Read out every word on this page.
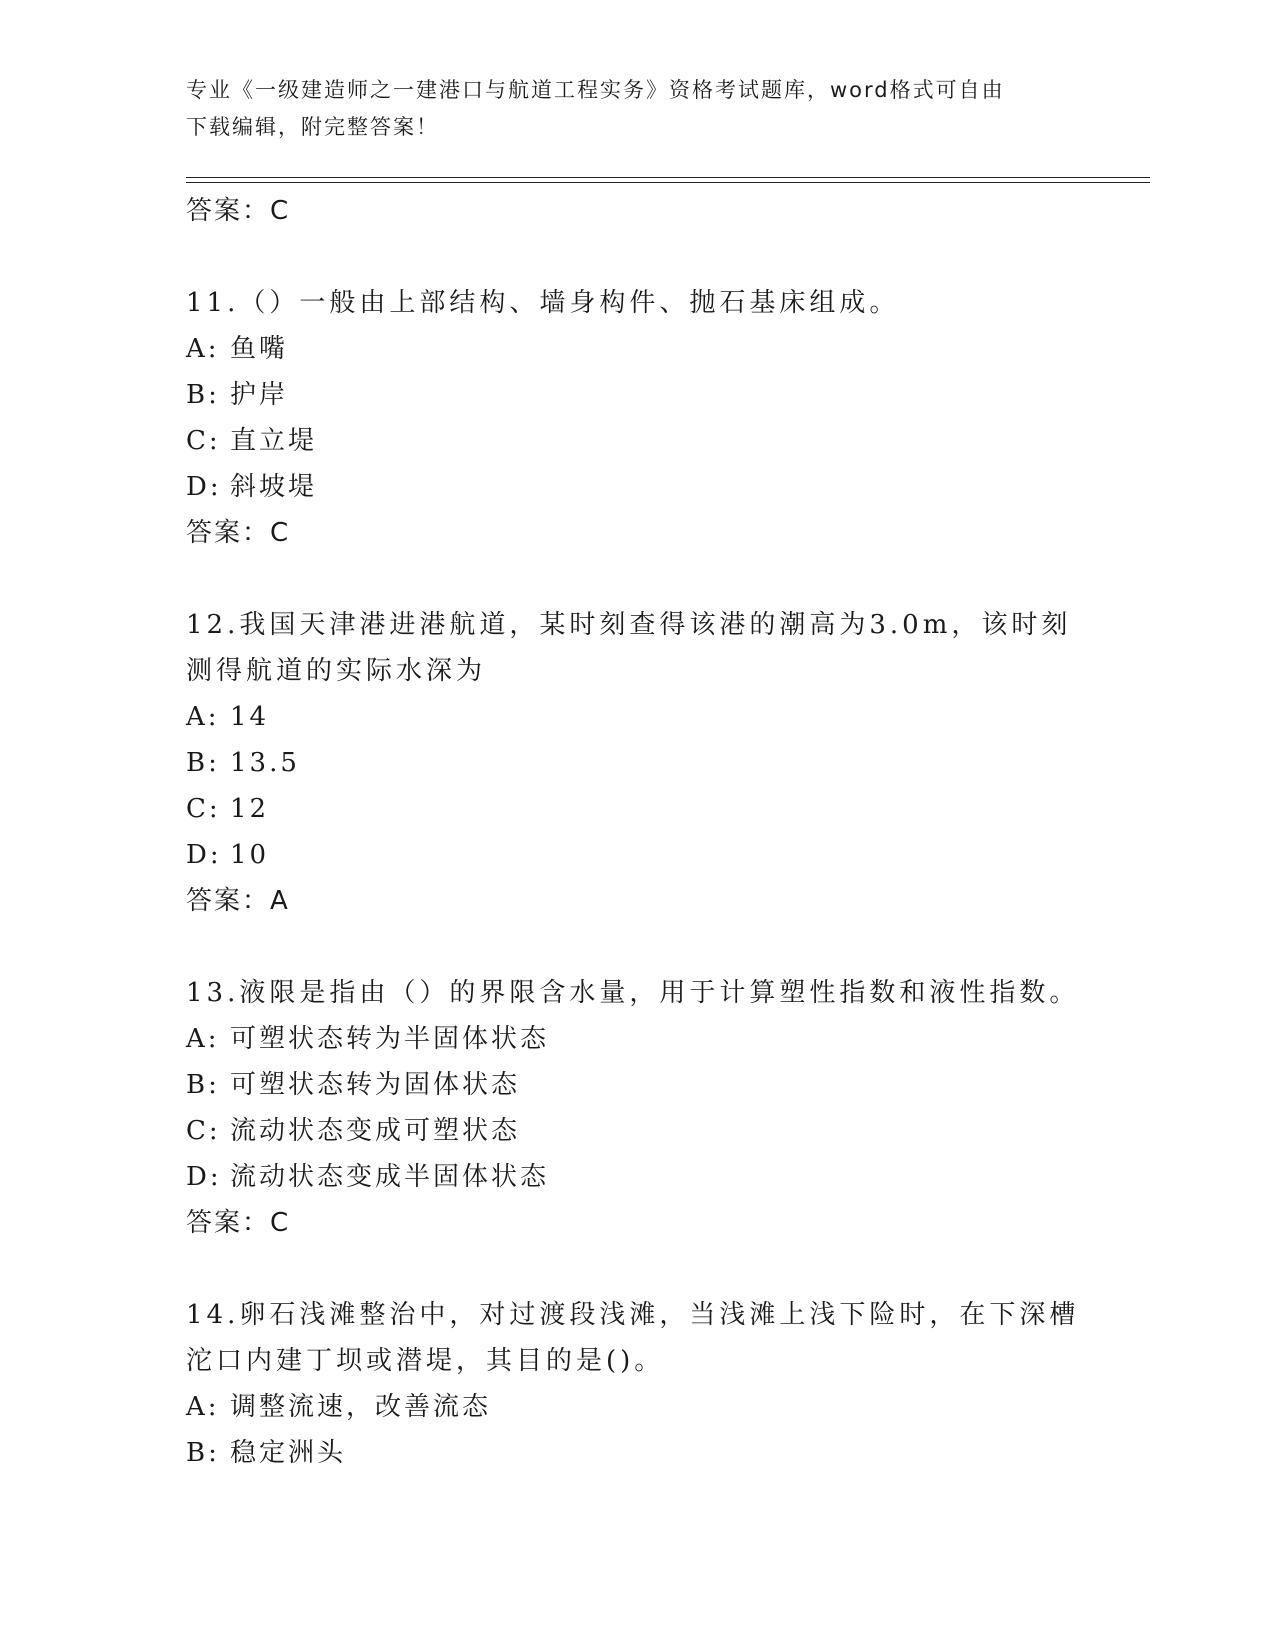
专业《一级建造师之一建港口与航道工程实务》资格考试题库，word格式可自由
下载编辑，附完整答案！
答案：C
11.（）一般由上部结构、墙身构件、抛石基床组成。
A: 鱼嘴
B: 护岸
C: 直立堤
D: 斜坡堤
答案：C
12.我国天津港进港航道，某时刻查得该港的潮高为3.0m，该时刻测得航道的实际水深为
A: 14
B: 13.5
C: 12
D: 10
答案：A
13.液限是指由（）的界限含水量，用于计算塑性指数和液性指数。
A: 可塑状态转为半固体状态
B: 可塑状态转为固体状态
C: 流动状态变成可塑状态
D: 流动状态变成半固体状态
答案：C
14.卵石浅滩整治中，对过渡段浅滩，当浅滩上浅下险时，在下深槽沱口内建丁坝或潜堤，其目的是()。
A: 调整流速，改善流态
B: 稳定洲头
